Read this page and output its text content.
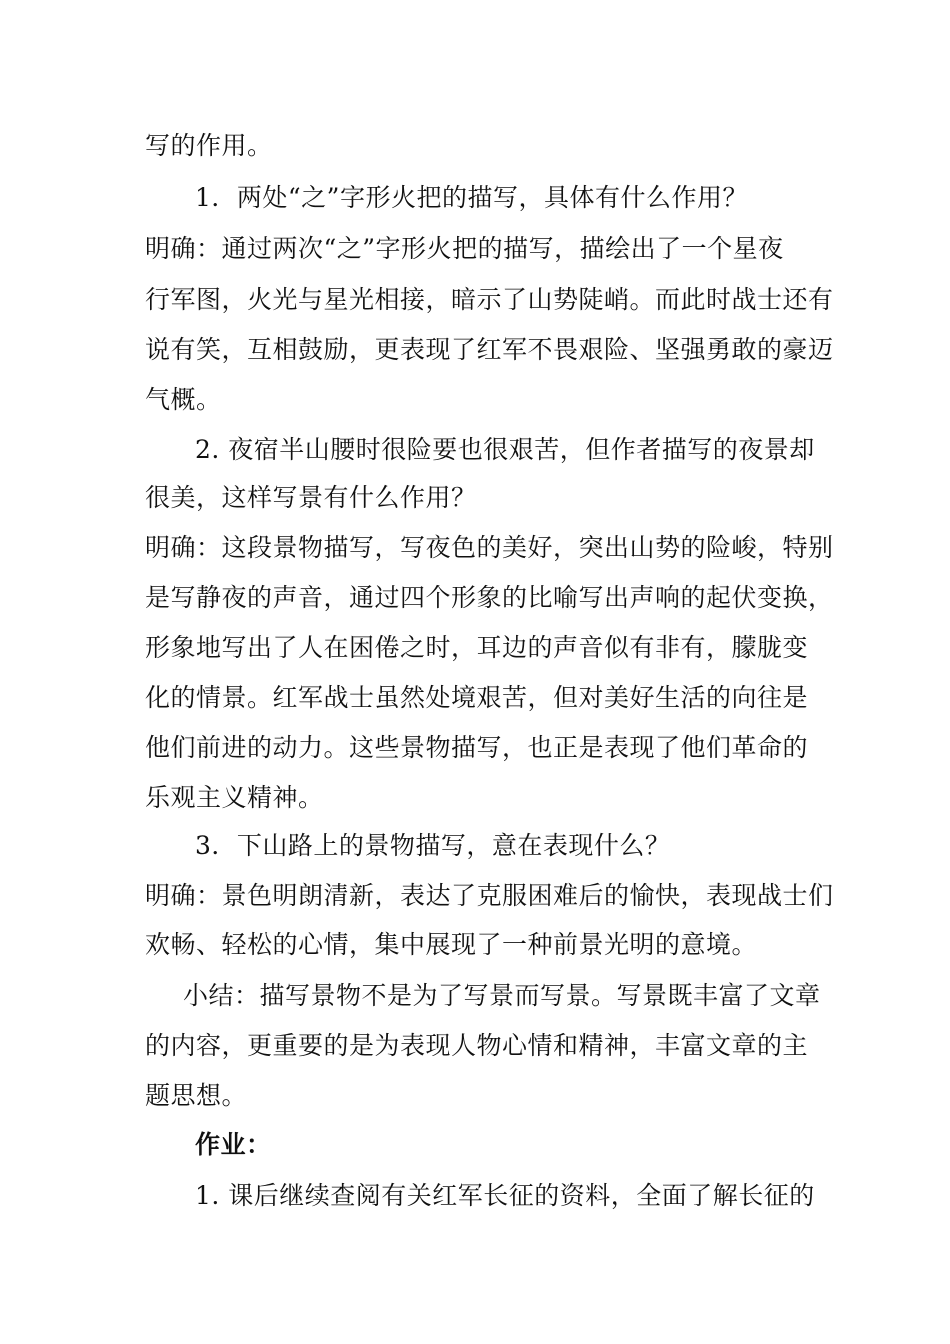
写的作用。
1．两处“之”字形火把的描写，具体有什么作用？
明确：通过两次“之”字形火把的描写，描绘出了一个星夜
行军图，火光与星光相接，暗示了山势陡峭。而此时战士还有
说有笑，互相鼓励，更表现了红军不畏艰险、坚强勇敢的豪迈
气概。
2. 夜宿半山腰时很险要也很艰苦，但作者描写的夜景却
很美，这样写景有什么作用？
明确：这段景物描写，写夜色的美好，突出山势的险峻，特别
是写静夜的声音，通过四个形象的比喻写出声响的起伏变换，
形象地写出了人在困倦之时，耳边的声音似有非有，朦胧变
化的情景。红军战士虽然处境艰苦，但对美好生活的向往是
他们前进的动力。这些景物描写，也正是表现了他们革命的
乐观主义精神。
3．下山路上的景物描写，意在表现什么？
明确：景色明朗清新，表达了克服困难后的愉快，表现战士们
欢畅、轻松的心情，集中展现了一种前景光明的意境。
小结：描写景物不是为了写景而写景。写景既丰富了文章
的内容，更重要的是为表现人物心情和精神，丰富文章的主
题思想。
作业：
1. 课后继续查阅有关红军长征的资料，全面了解长征的
